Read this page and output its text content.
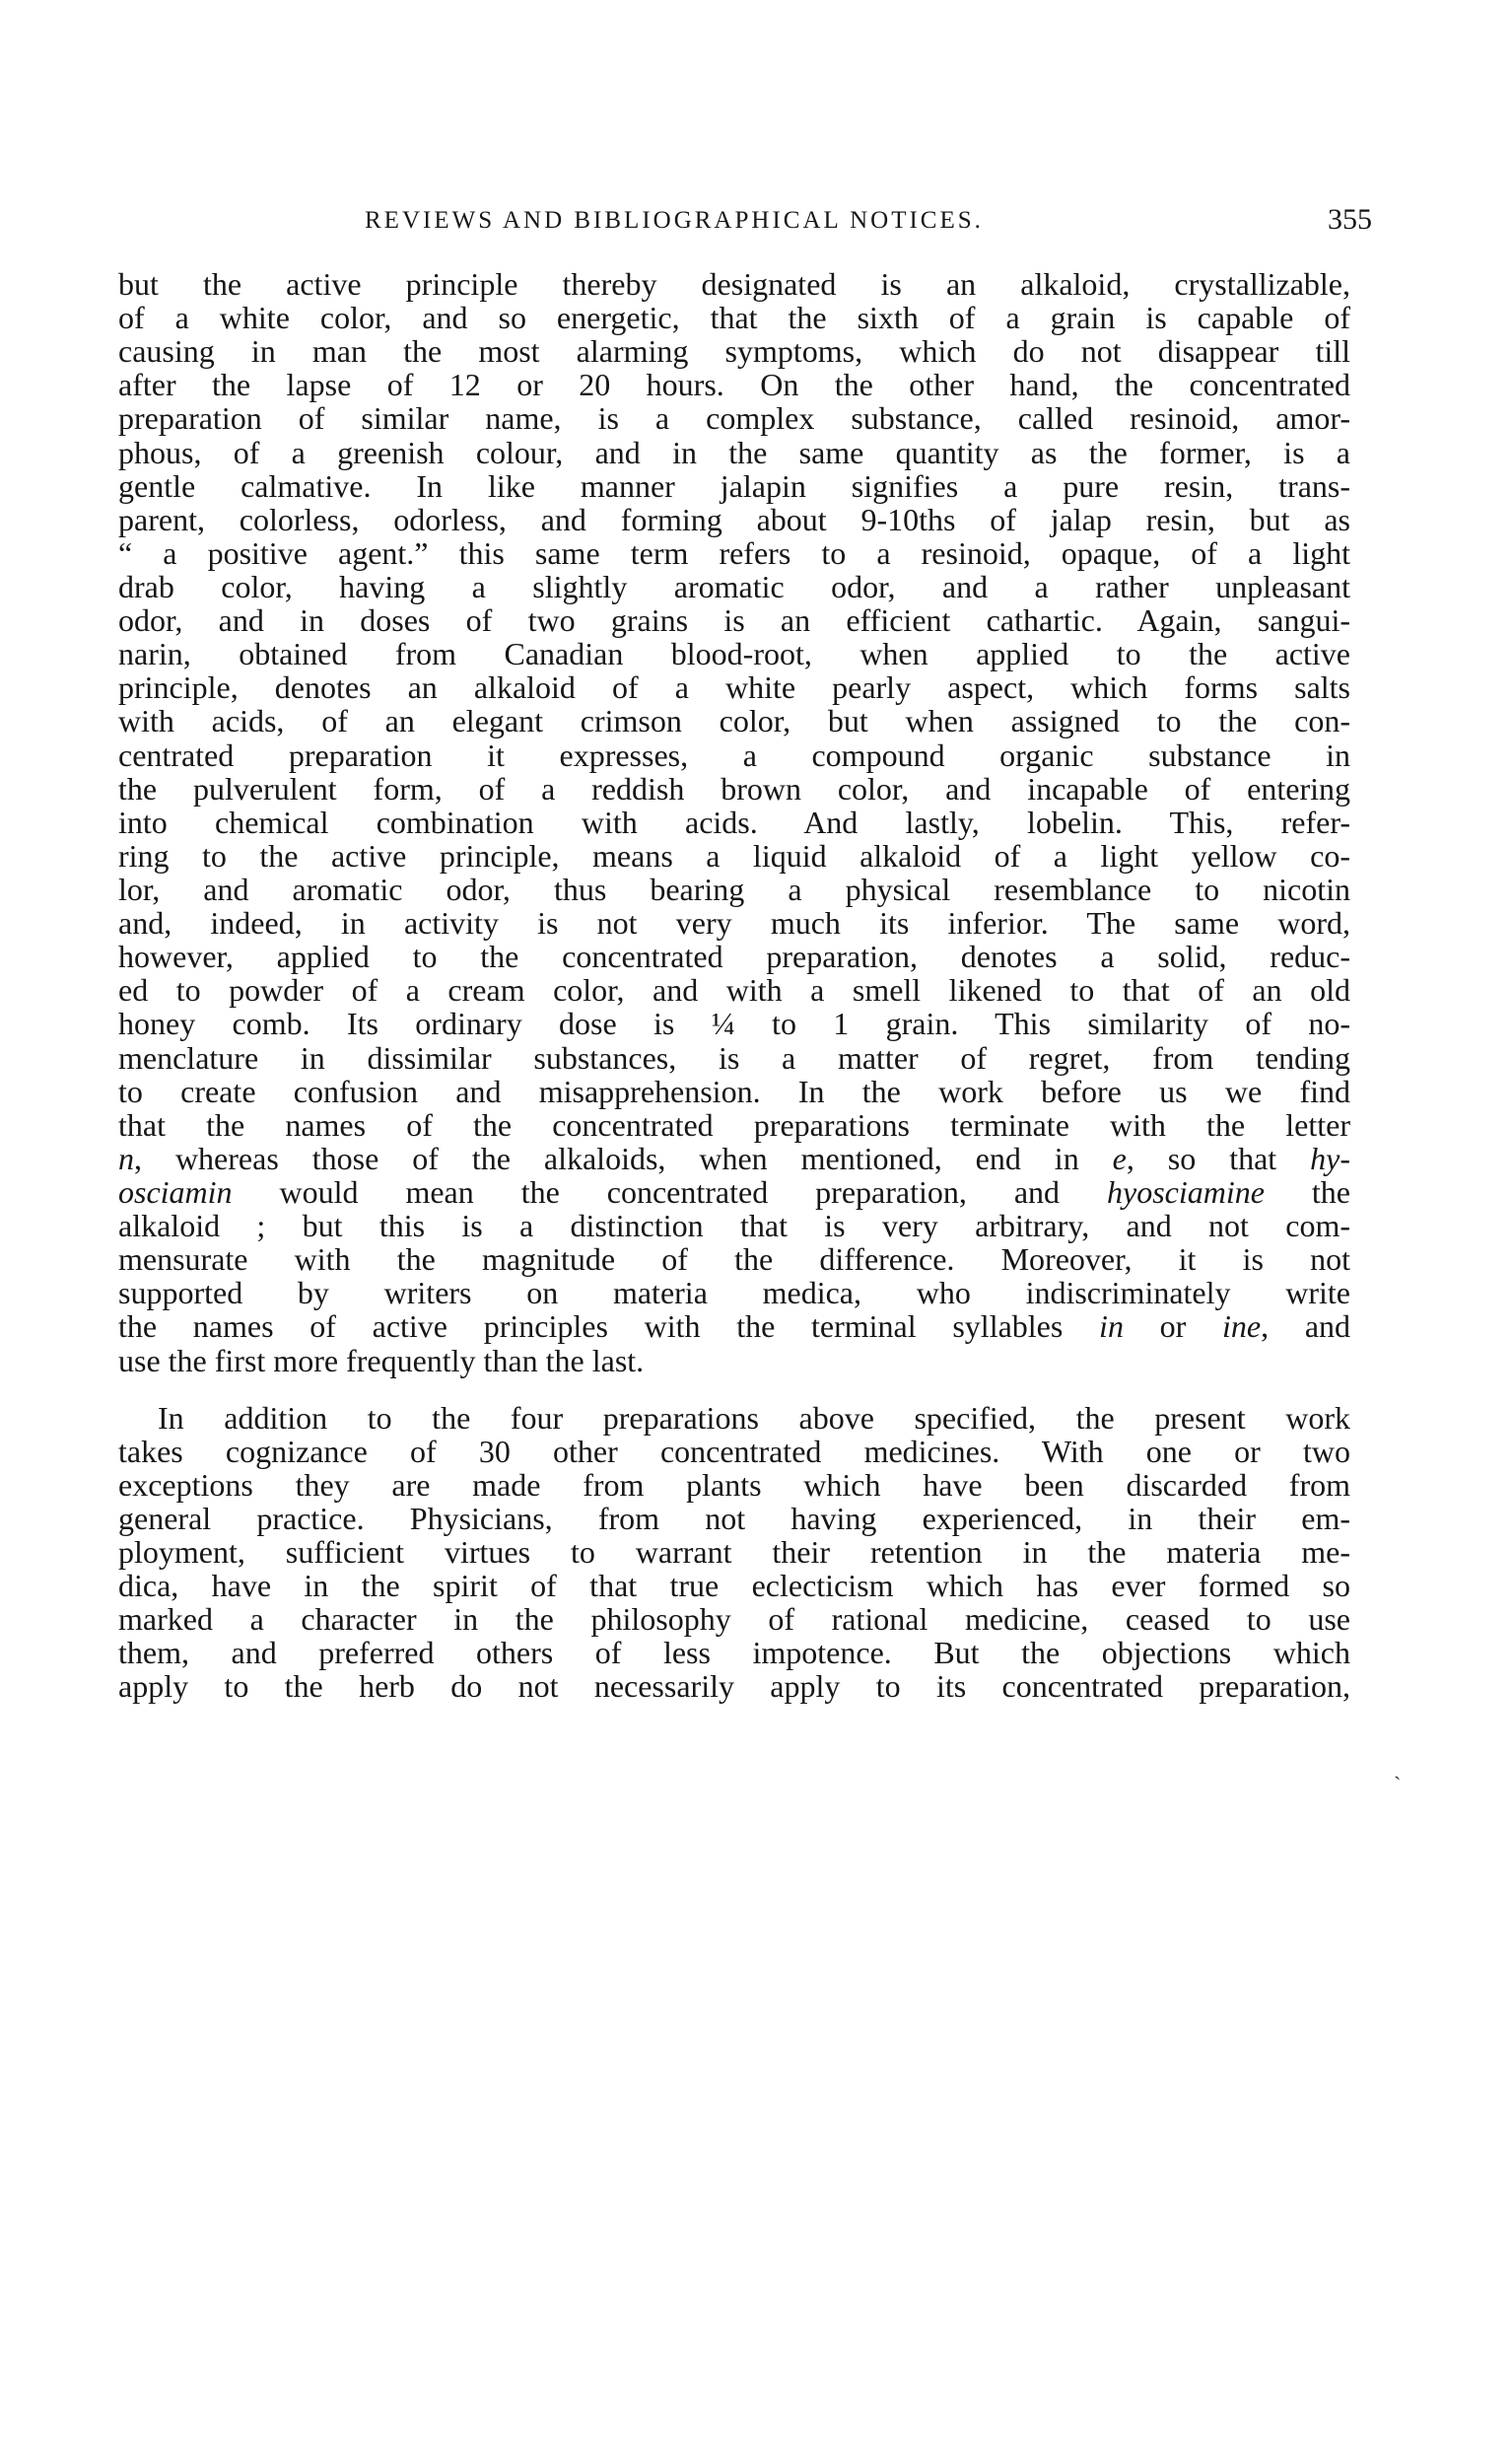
REVIEWS AND BIBLIOGRAPHICAL NOTICES.	355
but the active principle thereby designated is an alkaloid, crystallizable,
of a white color, and so energetic, that the sixth of a grain is capable of
causing in man the most alarming symptoms, which do not disappear till
after the lapse of 12 or 20 hours. On the other hand, the concentrated
preparation of similar name, is a complex substance, called resinoid, amor-
phous, of a greenish colour, and in the same quantity as the former, is a
gentle calmative. In like manner jalapin signifies a pure resin, trans-
parent, colorless, odorless, and forming about 9-10ths of jalap resin, but as
“ a positive agent.” this same term refers to a resinoid, opaque, of a light
drab color, having a slightly aromatic odor, and a rather unpleasant
odor, and in doses of two grains is an efficient cathartic. Again, sangui-
narin, obtained from Canadian blood-root, when applied to the active
principle, denotes an alkaloid of a white pearly aspect, which forms salts
with acids, of an elegant crimson color, but when assigned to the con-
centrated preparation it expresses, a compound organic substance in
the pulverulent form, of a reddish brown color, and incapable of entering
into chemical combination with acids. And lastly, lobelin. This, refer-
ring to the active principle, means a liquid alkaloid of a light yellow co-
lor, and aromatic odor, thus bearing a physical resemblance to nicotin
and, indeed, in activity is not very much its inferior. The same word,
however, applied to the concentrated preparation, denotes a solid, reduc-
ed to powder of a cream color, and with a smell likened to that of an old
honey comb. Its ordinary dose is ¼ to 1 grain. This similarity of no-
menclature in dissimilar substances, is a matter of regret, from tending
to create confusion and misapprehension. In the work before us we find
that the names of the concentrated preparations terminate with the letter
n, whereas those of the alkaloids, when mentioned, end in e, so that hy-
osciamin would mean the concentrated preparation, and hyosciamine the
alkaloid ; but this is a distinction that is very arbitrary, and not com-
mensurate with the magnitude of the difference. Moreover, it is not
supported by writers on materia medica, who indiscriminately write
the names of active principles with the terminal syllables in or ine, and
use the first more frequently than the last.
In addition to the four preparations above specified, the present work
takes cognizance of 30 other concentrated medicines. With one or two
exceptions they are made from plants which have been discarded from
general practice. Physicians, from not having experienced, in their em-
ployment, sufficient virtues to warrant their retention in the materia me-
dica, have in the spirit of that true eclecticism which has ever formed so
marked a character in the philosophy of rational medicine, ceased to use
them, and preferred others of less impotence. But the objections which
apply to the herb do not necessarily apply to its concentrated preparation,
ˎ
